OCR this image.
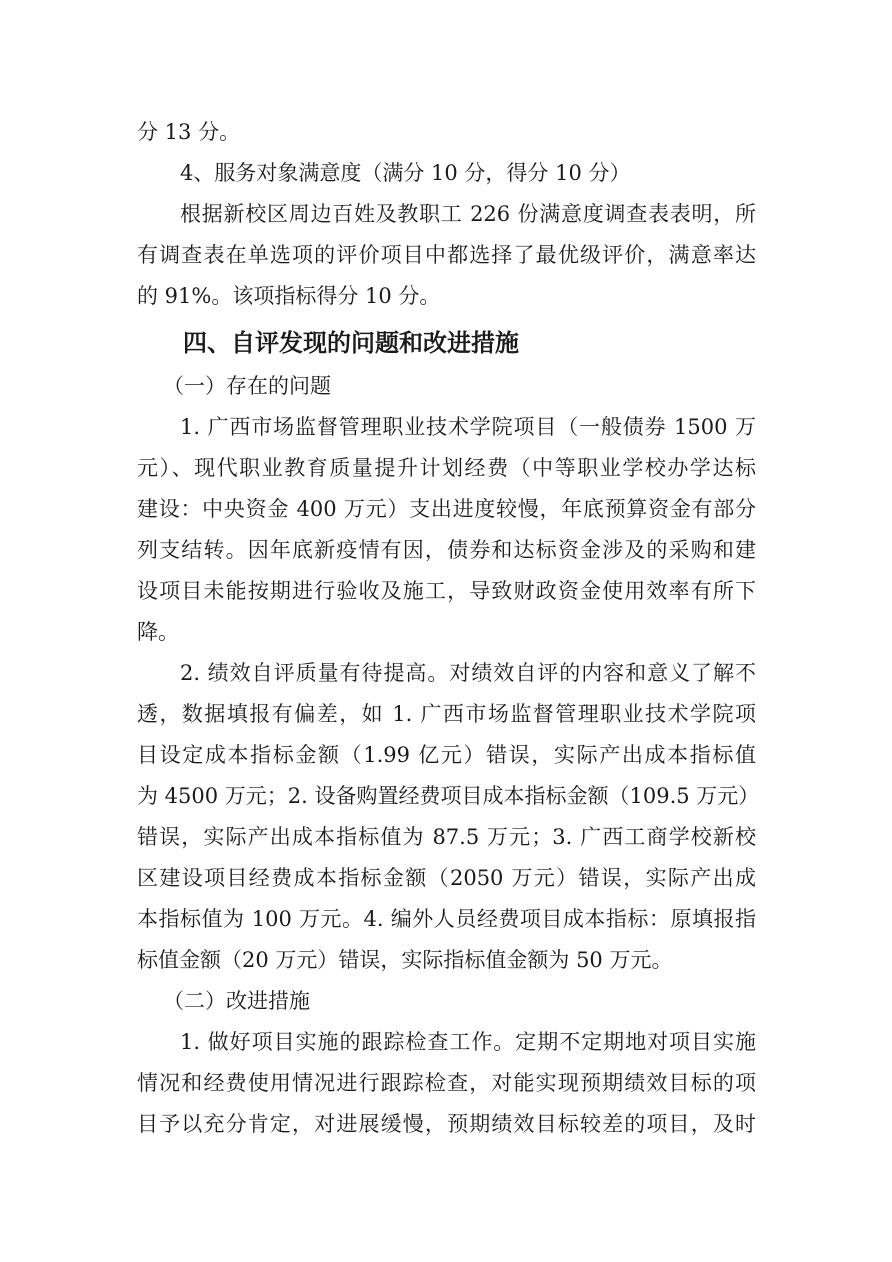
分 13 分。
4、服务对象满意度（满分 10 分，得分 10 分）
根据新校区周边百姓及教职工 226 份满意度调查表表明，所
有调查表在单选项的评价项目中都选择了最优级评价，满意率达
的 91%。该项指标得分 10 分。
四、自评发现的问题和改进措施
（一）存在的问题
1. 广西市场监督管理职业技术学院项目（一般债券 1500 万
元）、现代职业教育质量提升计划经费（中等职业学校办学达标
建设：中央资金 400 万元）支出进度较慢，年底预算资金有部分
列支结转。因年底新疫情有因，债券和达标资金涉及的采购和建
设项目未能按期进行验收及施工，导致财政资金使用效率有所下
降。
2. 绩效自评质量有待提高。对绩效自评的内容和意义了解不
透，数据填报有偏差，如 1. 广西市场监督管理职业技术学院项
目设定成本指标金额（1.99 亿元）错误，实际产出成本指标值
为 4500 万元；2. 设备购置经费项目成本指标金额（109.5 万元）
错误，实际产出成本指标值为 87.5 万元；3. 广西工商学校新校
区建设项目经费成本指标金额（2050 万元）错误，实际产出成
本指标值为 100 万元。4. 编外人员经费项目成本指标：原填报指
标值金额（20 万元）错误，实际指标值金额为 50 万元。
（二）改进措施
1. 做好项目实施的跟踪检查工作。定期不定期地对项目实施
情况和经费使用情况进行跟踪检查，对能实现预期绩效目标的项
目予以充分肯定，对进展缓慢，预期绩效目标较差的项目，及时
